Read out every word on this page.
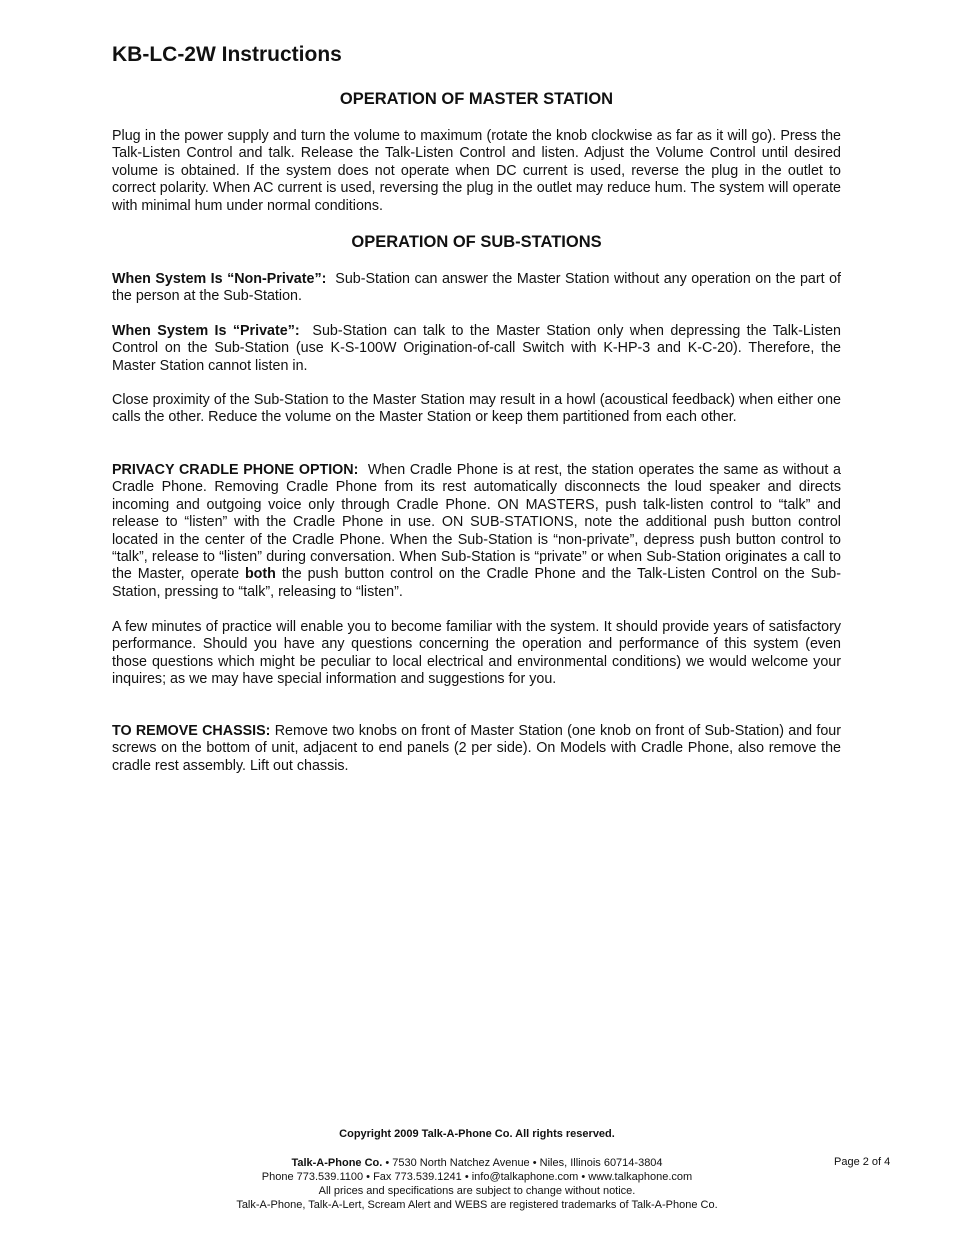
KB-LC-2W Instructions
OPERATION OF MASTER STATION

Plug in the power supply and turn the volume to maximum (rotate the knob clockwise as far as it will go). Press the Talk-Listen Control and talk. Release the Talk-Listen Control and listen. Adjust the Volume Control until desired volume is obtained. If the system does not operate when DC current is used, reverse the plug in the outlet to correct polarity. When AC current is used, reversing the plug in the outlet may reduce hum. The system will operate with minimal hum under normal conditions.

OPERATION OF SUB-STATIONS

When System Is “Non-Private”: Sub-Station can answer the Master Station without any operation on the part of the person at the Sub-Station.

When System Is “Private”: Sub-Station can talk to the Master Station only when depressing the Talk-Listen Control on the Sub-Station (use K-S-100W Origination-of-call Switch with K-HP-3 and K-C-20). Therefore, the Master Station cannot listen in.

Close proximity of the Sub-Station to the Master Station may result in a howl (acoustical feedback) when either one calls the other. Reduce the volume on the Master Station or keep them partitioned from each other.

PRIVACY CRADLE PHONE OPTION: When Cradle Phone is at rest, the station operates the same as without a Cradle Phone. Removing Cradle Phone from its rest automatically disconnects the loud speaker and directs incoming and outgoing voice only through Cradle Phone. ON MASTERS, push talk-listen control to “talk” and release to “listen” with the Cradle Phone in use. ON SUB-STATIONS, note the additional push button control located in the center of the Cradle Phone. When the Sub-Station is “non-private”, depress push button control to “talk”, release to “listen” during conversation. When Sub-Station is “private” or when Sub-Station originates a call to the Master, operate both the push button control on the Cradle Phone and the Talk-Listen Control on the Sub-Station, pressing to “talk”, releasing to “listen”.

A few minutes of practice will enable you to become familiar with the system. It should provide years of satisfactory performance. Should you have any questions concerning the operation and performance of this system (even those questions which might be peculiar to local electrical and environmental conditions) we would welcome your inquires; as we may have special information and suggestions for you.

TO REMOVE CHASSIS: Remove two knobs on front of Master Station (one knob on front of Sub-Station) and four screws on the bottom of unit, adjacent to end panels (2 per side). On Models with Cradle Phone, also remove the cradle rest assembly. Lift out chassis.

Copyright 2009 Talk-A-Phone Co. All rights reserved.
Talk-A-Phone Co. • 7530 North Natchez Avenue • Niles, Illinois 60714-3804
Phone 773.539.1100 • Fax 773.539.1241 • info@talkaphone.com • www.talkaphone.com
All prices and specifications are subject to change without notice.
Talk-A-Phone, Talk-A-Lert, Scream Alert and WEBS are registered trademarks of Talk-A-Phone Co.
Page 2 of 4
